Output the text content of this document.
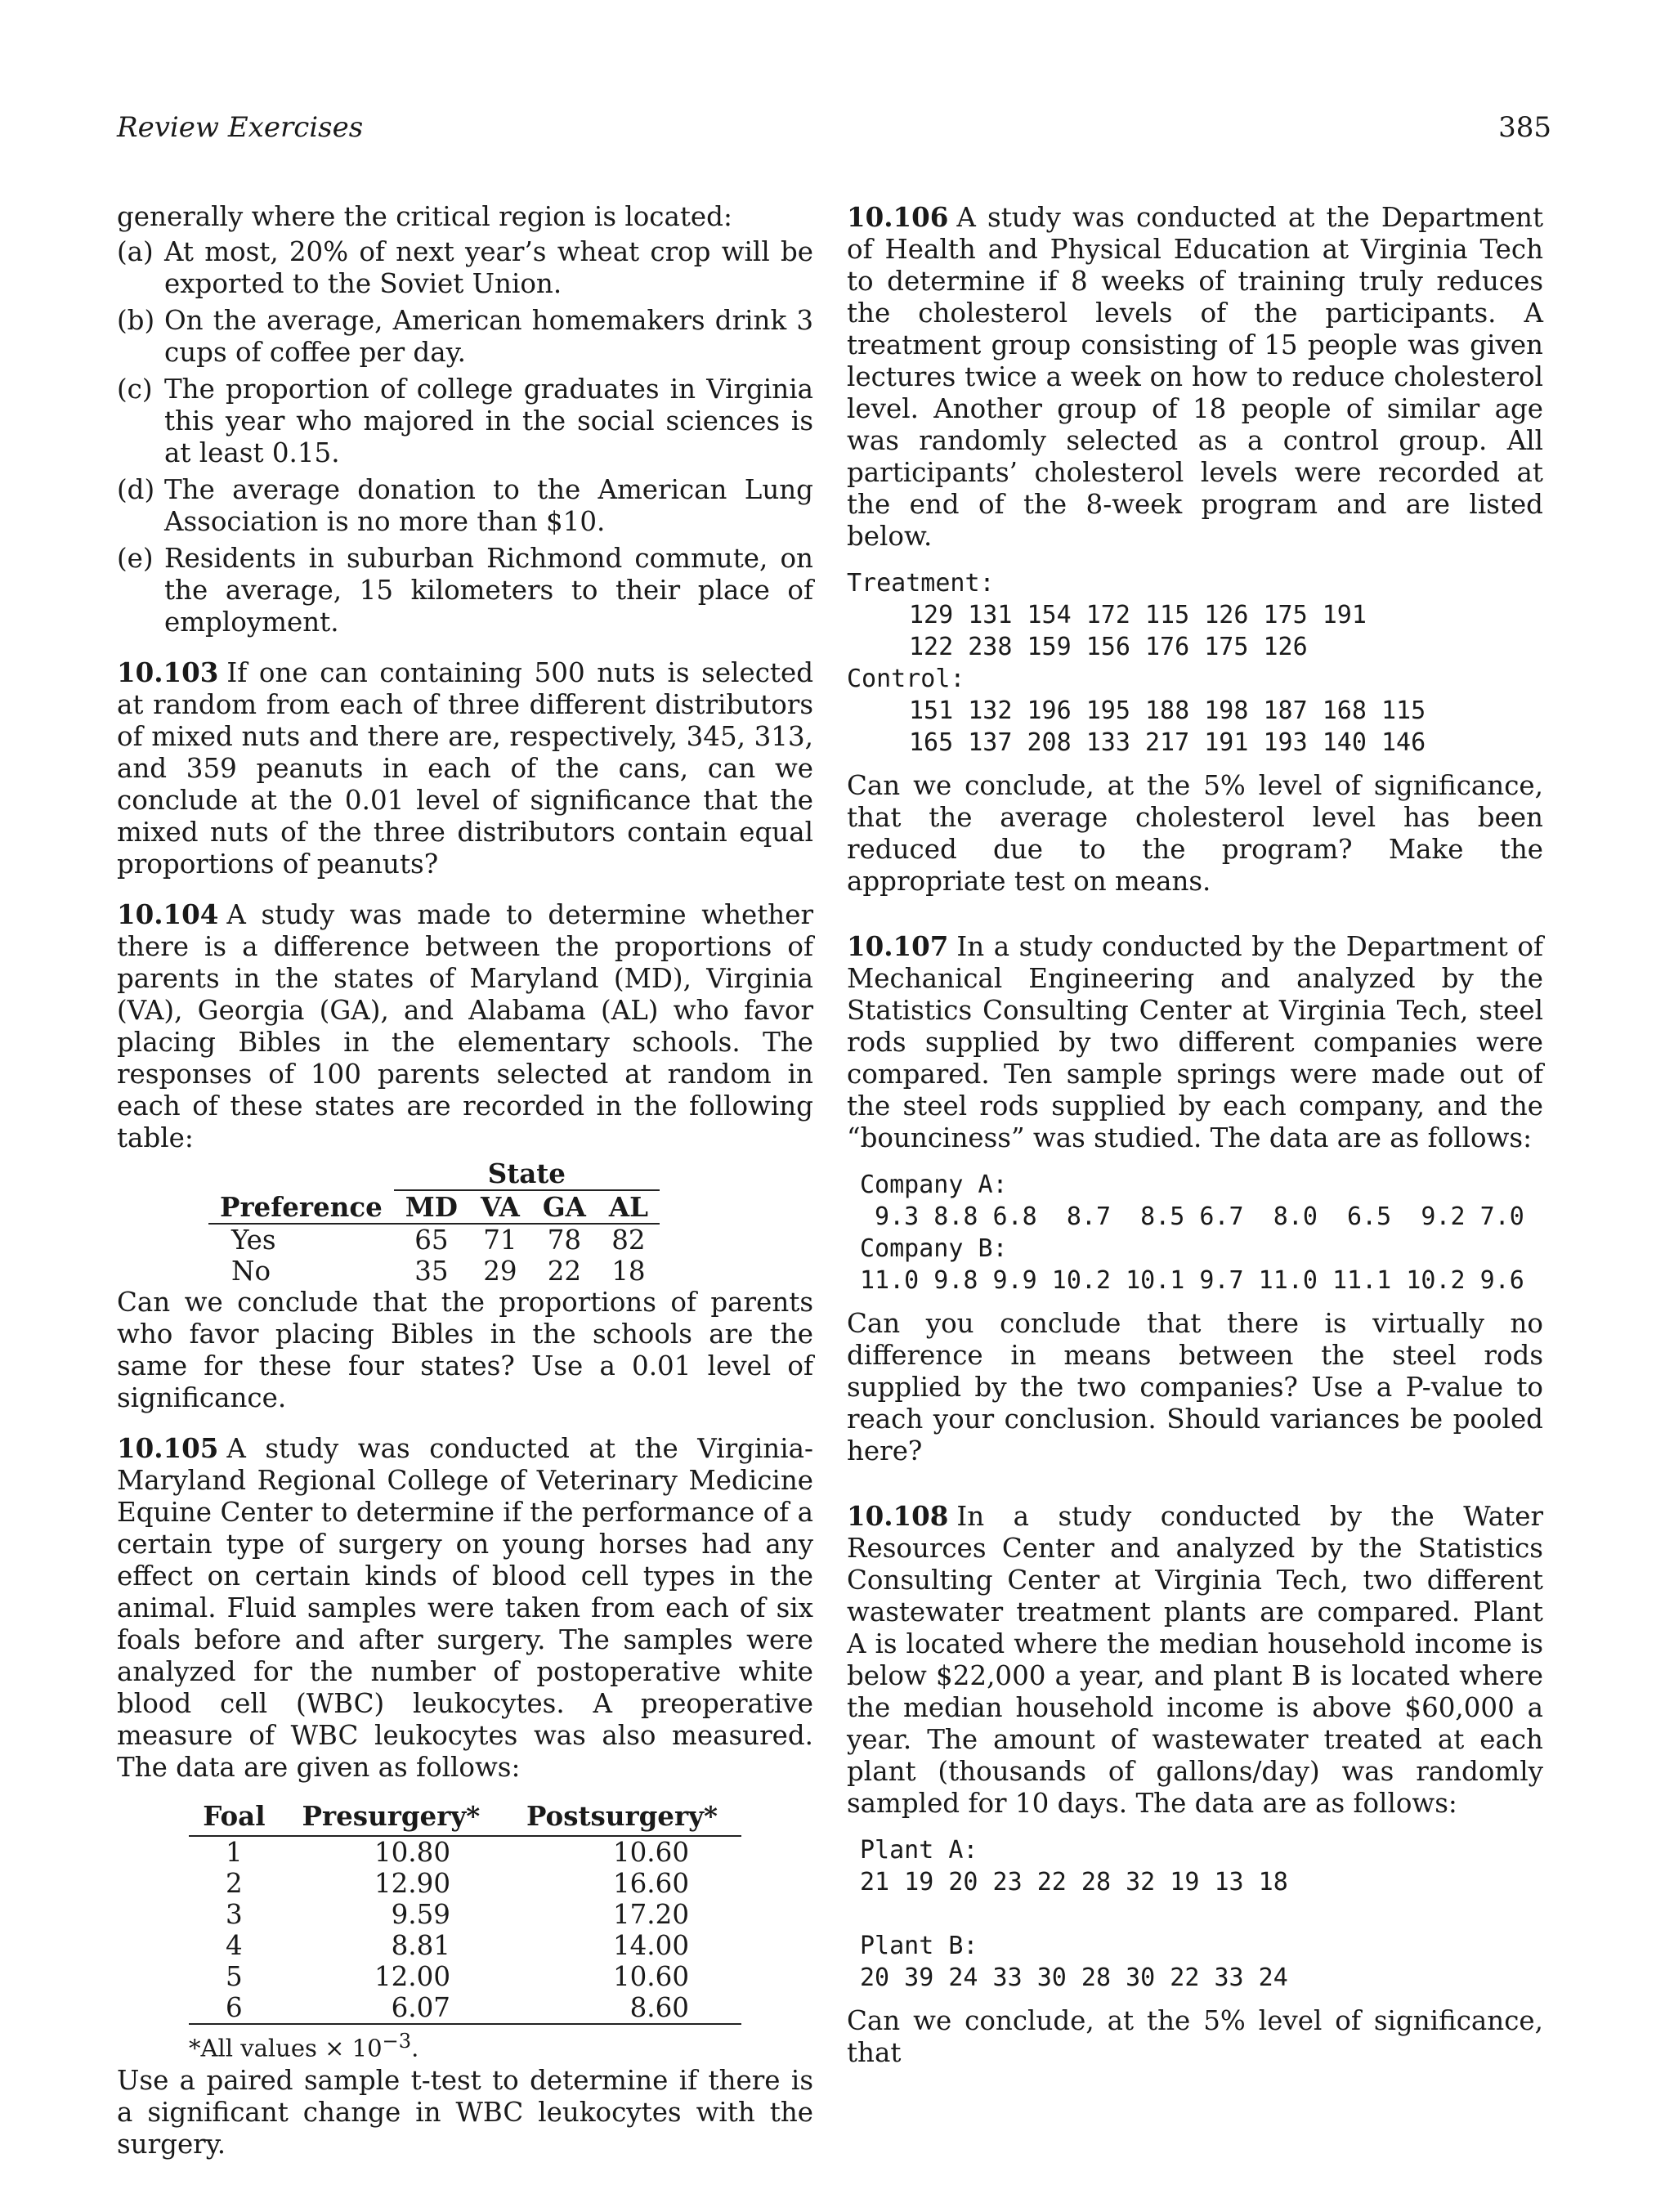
Review Exercises	385

generally where the critical region is located:

(a) At most, 20% of next year’s wheat crop will be exported to the Soviet Union.
(b) On the average, American homemakers drink 3 cups of coffee per day.
(c) The proportion of college graduates in Virginia this year who majored in the social sciences is at least 0.15.
(d) The average donation to the American Lung Association is no more than $10.
(e) Residents in suburban Richmond commute, on the average, 15 kilometers to their place of employment.

10.103 If one can containing 500 nuts is selected at random from each of three different distributors of mixed nuts and there are, respectively, 345, 313, and 359 peanuts in each of the cans, can we conclude at the 0.01 level of significance that the mixed nuts of the three distributors contain equal proportions of peanuts?

10.104 A study was made to determine whether there is a difference between the proportions of parents in the states of Maryland (MD), Virginia (VA), Georgia (GA), and Alabama (AL) who favor placing Bibles in the elementary schools. The responses of 100 parents selected at random in each of these states are recorded in the following table:

	State			
Preference	MD	VA	GA	AL
Yes	65	71	78	82
No	35	29	22	18

Can we conclude that the proportions of parents who favor placing Bibles in the schools are the same for these four states? Use a 0.01 level of significance.

10.105 A study was conducted at the Virginia-Maryland Regional College of Veterinary Medicine Equine Center to determine if the performance of a certain type of surgery on young horses had any effect on certain kinds of blood cell types in the animal. Fluid samples were taken from each of six foals before and after surgery. The samples were analyzed for the number of postoperative white blood cell (WBC) leukocytes. A preoperative measure of WBC leukocytes was also measured. The data are given as follows:

Foal	Presurgery*	Postsurgery*
1	10.80	10.60
2	12.90	16.60
3	9.59	17.20
4	8.81	14.00
5	12.00	10.60
6	6.07	8.60
*All values × $10^{-3}$.

Use a paired sample t-test to determine if there is a significant change in WBC leukocytes with the surgery.

10.106 A study was conducted at the Department of Health and Physical Education at Virginia Tech to determine if 8 weeks of training truly reduces the cholesterol levels of the participants. A treatment group consisting of 15 people was given lectures twice a week on how to reduce cholesterol level. Another group of 18 people of similar age was randomly selected as a control group. All participants’ cholesterol levels were recorded at the end of the 8-week program and are listed below.

Treatment:
129 131 154 172 115 126 175 191
122 238 159 156 176 175 126
Control:
151 132 196 195 188 198 187 168 115
165 137 208 133 217 191 193 140 146

Can we conclude, at the 5% level of significance, that the average cholesterol level has been reduced due to the program? Make the appropriate test on means.

10.107 In a study conducted by the Department of Mechanical Engineering and analyzed by the Statistics Consulting Center at Virginia Tech, steel rods supplied by two different companies were compared. Ten sample springs were made out of the steel rods supplied by each company, and the “bounciness” was studied. The data are as follows:

Company A:
9.3 8.8 6.8  8.7  8.5 6.7  8.0  6.5  9.2 7.0
Company B:
11.0 9.8 9.9 10.2 10.1 9.7 11.0 11.1 10.2 9.6

Can you conclude that there is virtually no difference in means between the steel rods supplied by the two companies? Use a P-value to reach your conclusion. Should variances be pooled here?

10.108 In a study conducted by the Water Resources Center and analyzed by the Statistics Consulting Center at Virginia Tech, two different wastewater treatment plants are compared. Plant A is located where the median household income is below $22,000 a year, and plant B is located where the median household income is above $60,000 a year. The amount of wastewater treated at each plant (thousands of gallons/day) was randomly sampled for 10 days. The data are as follows:

Plant A:
21 19 20 23 22 28 32 19 13 18
Plant B:
20 39 24 33 30 28 30 22 33 24

Can we conclude, at the 5% level of significance, that
